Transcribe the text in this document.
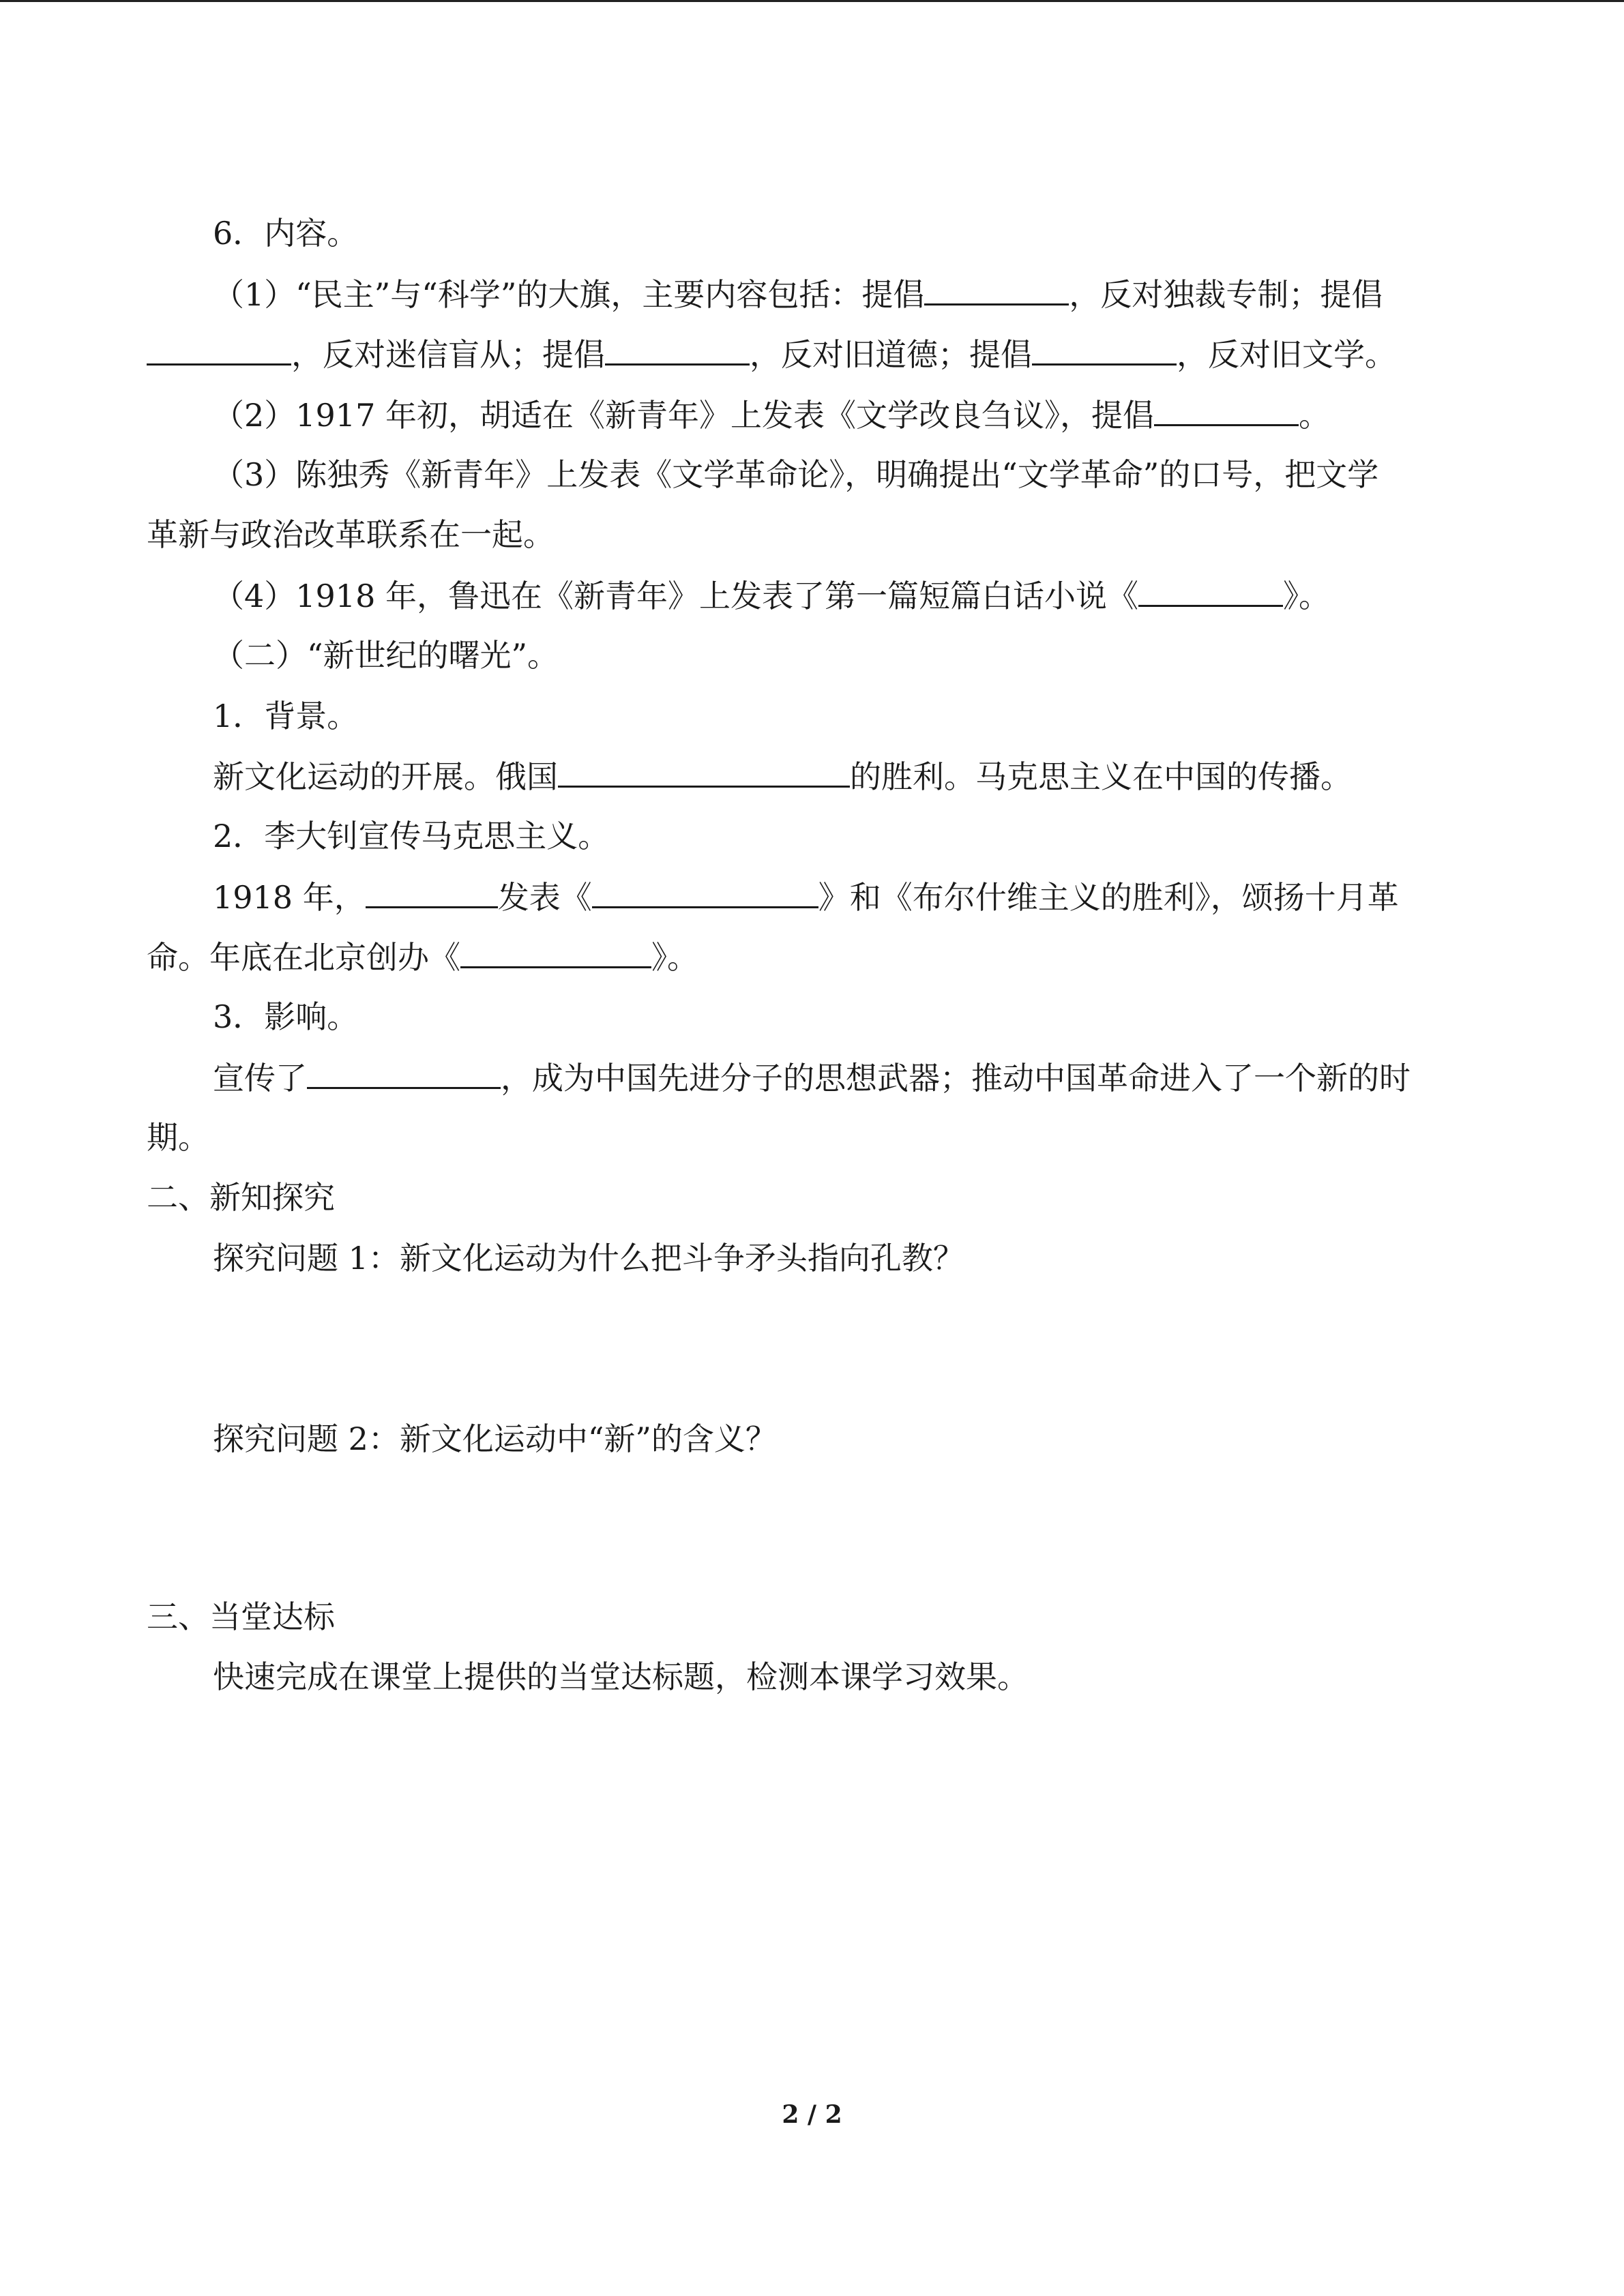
6．内容。
（1）“民主”与“科学”的大旗，主要内容包括：提倡	，反对独裁专制；提倡
，反对迷信盲从；提倡	，反对旧道德；提倡	，反对旧文学。
（2）1917 年初，胡适在《新青年》上发表《文学改良刍议》，提倡	。
（3）陈独秀《新青年》上发表《文学革命论》，明确提出“文学革命”的口号，把文学
革新与政治改革联系在一起。
（4）1918 年，鲁迅在《新青年》上发表了第一篇短篇白话小说《	》。
（二）“新世纪的曙光”。
1．背景。
新文化运动的开展。俄国	的胜利。马克思主义在中国的传播。
2．李大钊宣传马克思主义。
1918 年，	发表《	》和《布尔什维主义的胜利》，颂扬十月革
命。年底在北京创办《	》。
3．影响。
宣传了	，成为中国先进分子的思想武器；推动中国革命进入了一个新的时
期。
二、新知探究
探究问题 1：新文化运动为什么把斗争矛头指向孔教？
探究问题 2：新文化运动中“新”的含义？
三、当堂达标
快速完成在课堂上提供的当堂达标题，检测本课学习效果。
2 / 2
